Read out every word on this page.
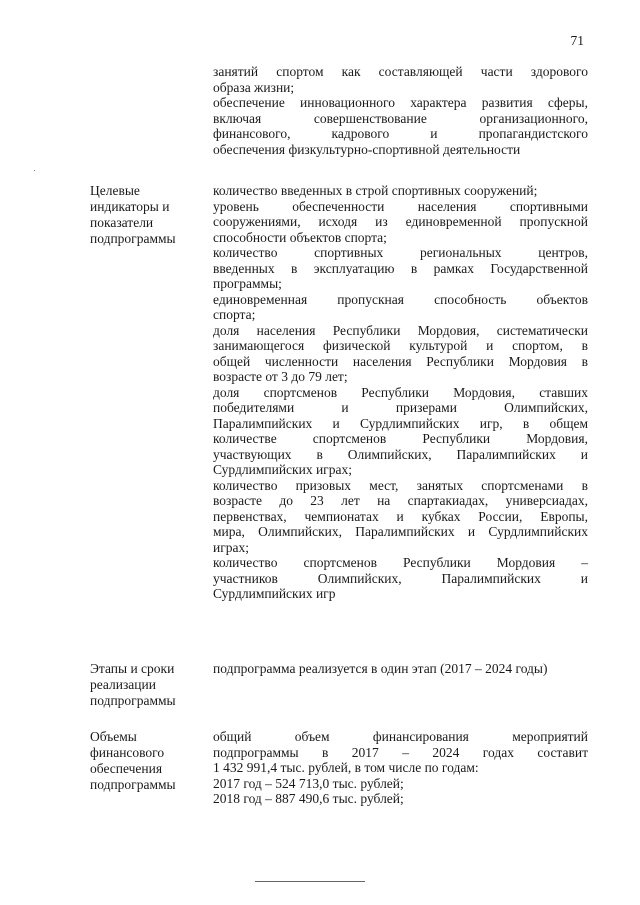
71

занятий спортом как составляющей части здорового

образа жизни;

обеспечение инновационного характера развития сферы,

включая совершенствование организационного,

финансового, кадрового и пропагандистского

обеспечения физкультурно-спортивной деятельности

Целевые индикаторы и показатели подпрограммы

количество введенных в строй спортивных сооружений;

уровень обеспеченности населения спортивными

сооружениями, исходя из единовременной пропускной

способности объектов спорта;

количество спортивных региональных центров,

введенных в эксплуатацию в рамках Государственной

программы;

единовременная пропускная способность объектов

спорта;

доля населения Республики Мордовия, систематически

занимающегося физической культурой и спортом, в

общей численности населения Республики Мордовия в

возрасте от 3 до 79 лет;

доля спортсменов Республики Мордовия, ставших

победителями и призерами Олимпийских,

Паралимпийских и Сурдлимпийских игр, в общем

количестве спортсменов Республики Мордовия,

участвующих в Олимпийских, Паралимпийских и

Сурдлимпийских играх;

количество призовых мест, занятых спортсменами в

возрасте до 23 лет на спартакиадах, универсиадах,

первенствах, чемпионатах и кубках России, Европы,

мира, Олимпийских, Паралимпийских и Сурдлимпийских

играх;

количество спортсменов Республики Мордовия –

участников Олимпийских, Паралимпийских и

Сурдлимпийских игр

Этапы и сроки реализации подпрограммы

подпрограмма реализуется в один этап (2017 – 2024 годы)

Объемы финансового обеспечения подпрограммы

общий объем финансирования мероприятий

подпрограммы в 2017 – 2024 годах составит

1 432 991,4 тыс. рублей, в том числе по годам:

2017 год – 524 713,0 тыс. рублей;

2018 год – 887 490,6 тыс. рублей;
